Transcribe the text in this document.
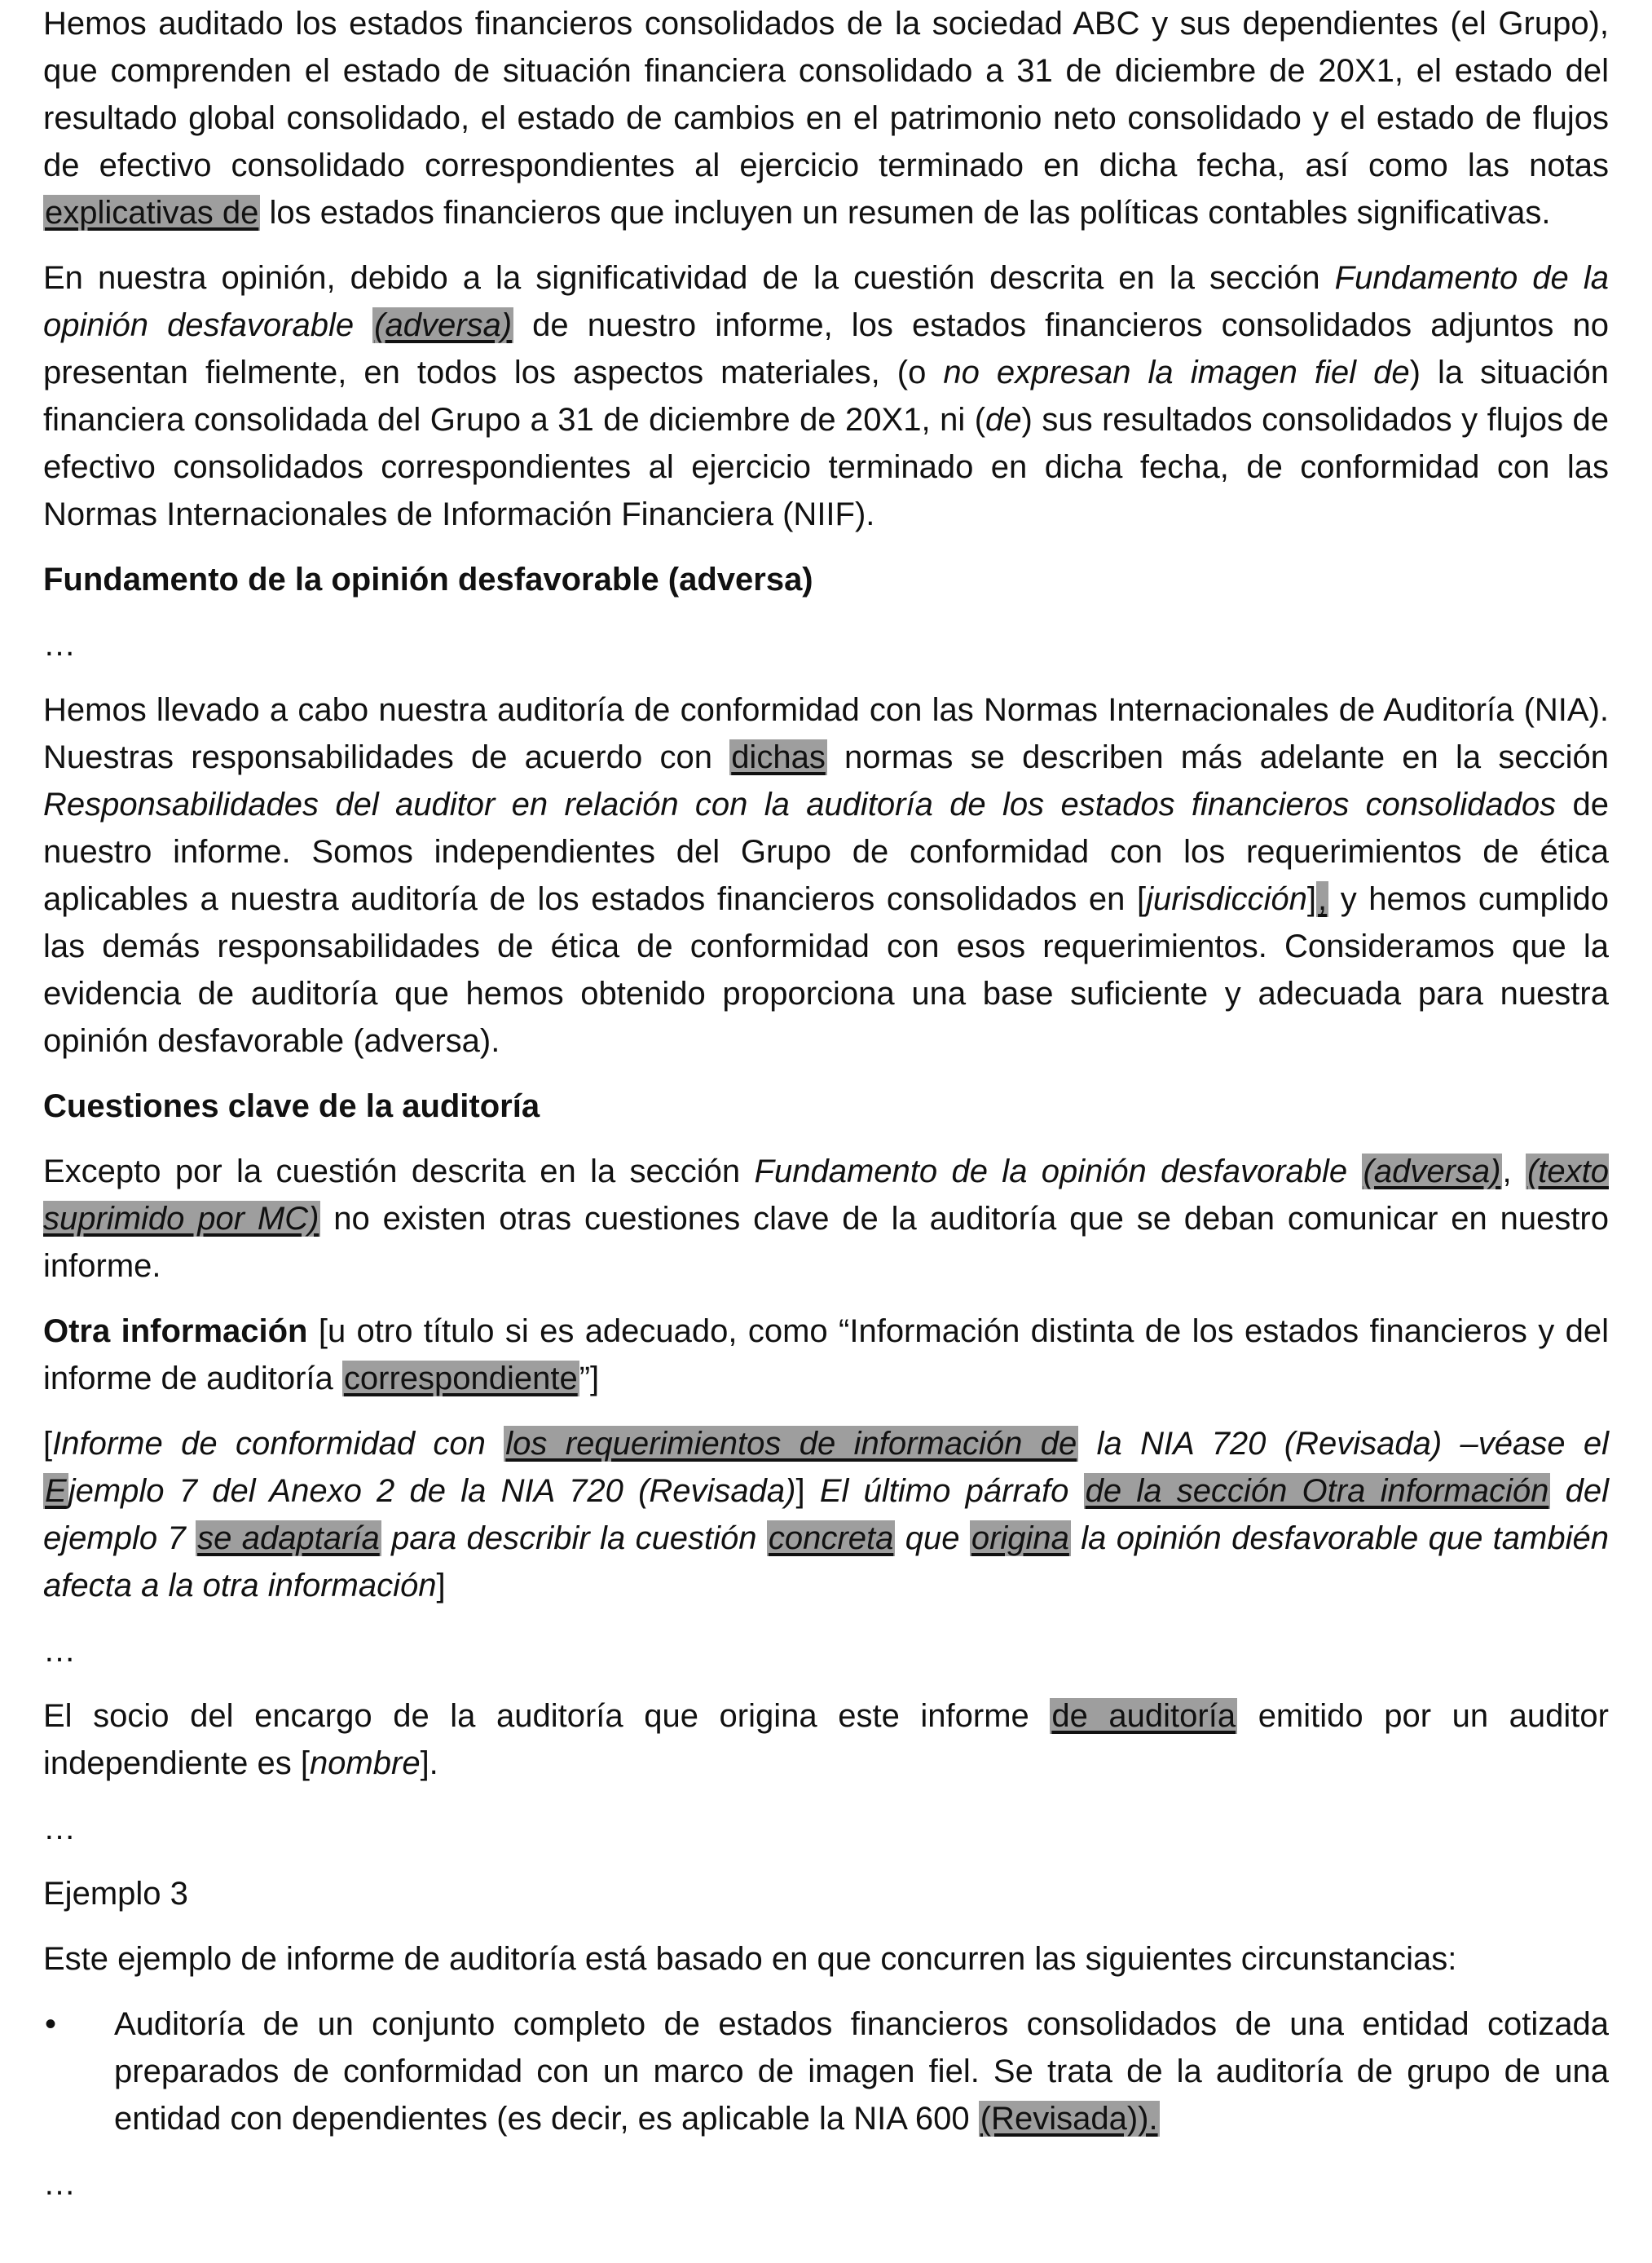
Hemos auditado los estados financieros consolidados de la sociedad ABC y sus dependientes (el Grupo), que comprenden el estado de situación financiera consolidado a 31 de diciembre de 20X1, el estado del resultado global consolidado, el estado de cambios en el patrimonio neto consolidado y el estado de flujos de efectivo consolidado correspondientes al ejercicio terminado en dicha fecha, así como las notas explicativas de los estados financieros que incluyen un resumen de las políticas contables significativas.

En nuestra opinión, debido a la significatividad de la cuestión descrita en la sección Fundamento de la opinión desfavorable (adversa) de nuestro informe, los estados financieros consolidados adjuntos no presentan fielmente, en todos los aspectos materiales, (o no expresan la imagen fiel de) la situación financiera consolidada del Grupo a 31 de diciembre de 20X1, ni (de) sus resultados consolidados y flujos de efectivo consolidados correspondientes al ejercicio terminado en dicha fecha, de conformidad con las Normas Internacionales de Información Financiera (NIIF).

Fundamento de la opinión desfavorable (adversa)

…

Hemos llevado a cabo nuestra auditoría de conformidad con las Normas Internacionales de Auditoría (NIA). Nuestras responsabilidades de acuerdo con dichas normas se describen más adelante en la sección Responsabilidades del auditor en relación con la auditoría de los estados financieros consolidados de nuestro informe. Somos independientes del Grupo de conformidad con los requerimientos de ética aplicables a nuestra auditoría de los estados financieros consolidados en [jurisdicción], y hemos cumplido las demás responsabilidades de ética de conformidad con esos requerimientos. Consideramos que la evidencia de auditoría que hemos obtenido proporciona una base suficiente y adecuada para nuestra opinión desfavorable (adversa).

Cuestiones clave de la auditoría

Excepto por la cuestión descrita en la sección Fundamento de la opinión desfavorable (adversa), (texto suprimido por MC) no existen otras cuestiones clave de la auditoría que se deban comunicar en nuestro informe.

Otra información [u otro título si es adecuado, como “Información distinta de los estados financieros y del informe de auditoría correspondiente”]

[Informe de conformidad con los requerimientos de información de la NIA 720 (Revisada) –véase el Ejemplo 7 del Anexo 2 de la NIA 720 (Revisada)] El último párrafo de la sección Otra información del ejemplo 7 se adaptaría para describir la cuestión concreta que origina la opinión desfavorable que también afecta a la otra información]

…

El socio del encargo de la auditoría que origina este informe de auditoría emitido por un auditor independiente es [nombre].

…

Ejemplo 3

Este ejemplo de informe de auditoría está basado en que concurren las siguientes circunstancias:

•	Auditoría de un conjunto completo de estados financieros consolidados de una entidad cotizada preparados de conformidad con un marco de imagen fiel. Se trata de la auditoría de grupo de una entidad con dependientes (es decir, es aplicable la NIA 600 (Revisada)).

…
